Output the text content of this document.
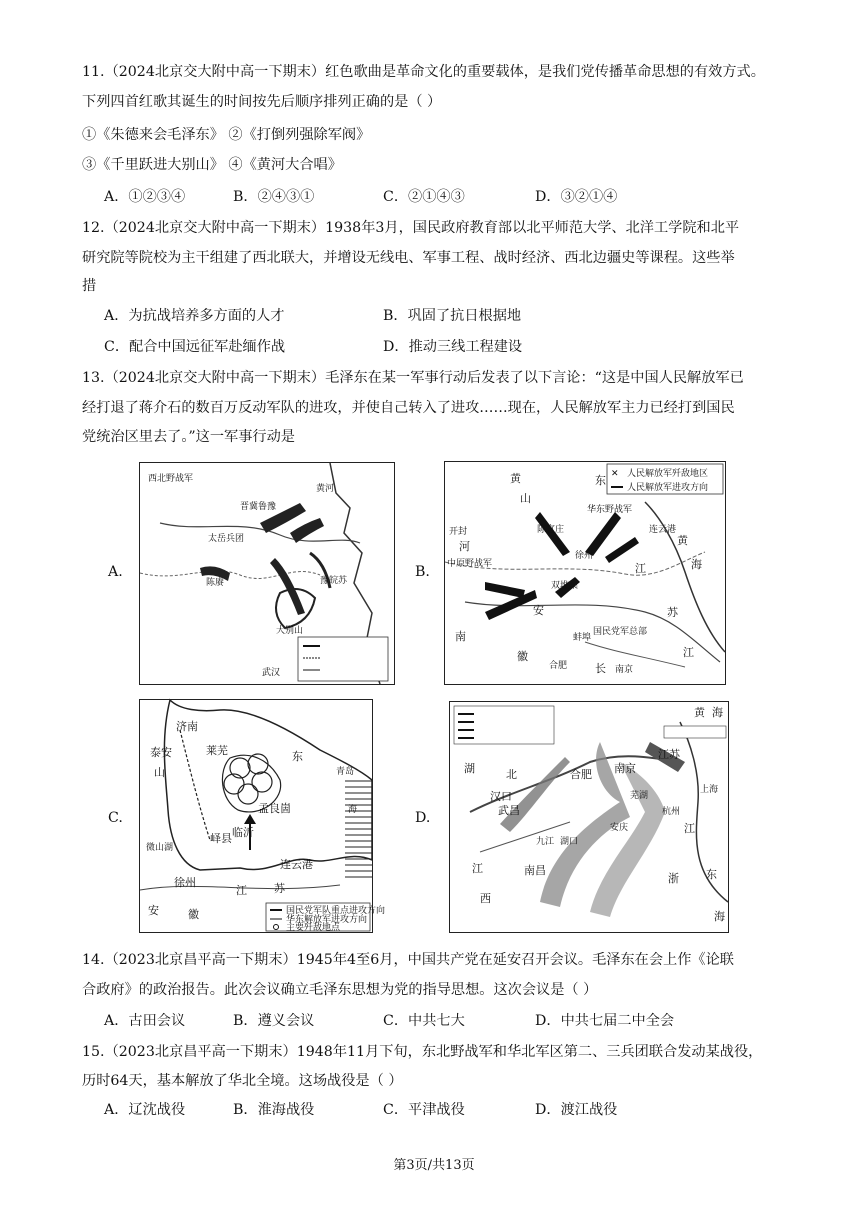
11.（2024北京交大附中高一下期末）红色歌曲是革命文化的重要载体，是我们党传播革命思想的有效方式。
下列四首红歌其诞生的时间按先后顺序排列正确的是（ ）
①《朱德来会毛泽东》 ②《打倒列强除军阀》
③《千里跃进大别山》 ④《黄河大合唱》
A．①②③④	B．②④③①	C．②①④③	D．③②①④
12.（2024北京交大附中高一下期末）1938年3月，国民政府教育部以北平师范大学、北洋工学院和北平
研究院等院校为主干组建了西北联大，并增设无线电、军事工程、战时经济、西北边疆史等课程。这些举
措
A．为抗战培养多方面的人才	B．巩固了抗日根据地
C．配合中国远征军赴缅作战	D．推动三线工程建设
13.（2024北京交大附中高一下期末）毛泽东在某一军事行动后发表了以下言论：“这是中国人民解放军已
经打退了蒋介石的数百万反动军队的进攻，并使自己转入了进攻……现在，人民解放军主力已经打到国民
党统治区里去了。”这一军事行动是
A.	B.
C.	D.
西北野战军
晋冀鲁豫
太岳兵团
黄河
陈赓	豫皖苏
大别山
武汉
✕ 人民解放军歼敌地区
人民解放军进攻方向
黄
山
东
华东野战军
开封	连云港
黄
海
河
中原野战军
陈官庄
徐州
双堆集
江
苏
安
南
徽
蚌埠
合肥	长 南京
江
国民党军总部
国民党军队重点进攻方向
华东解放军进攻方向
主要歼敌地点
济南
泰安
山
莱芜	东
孟良崮
青岛
海
微山湖
峄县 临沂
连云港
徐州
江 苏
安	徽
黄 海
江苏
南京
合肥
湖	北
汉口
武昌
安庆
芜湖
上海
杭州
九江 湖口
南昌
江
西
浙
江
东
海
14.（2023北京昌平高一下期末）1945年4至6月，中国共产党在延安召开会议。毛泽东在会上作《论联
合政府》的政治报告。此次会议确立毛泽东思想为党的指导思想。这次会议是（ ）
A．古田会议	B．遵义会议	C．中共七大	D．中共七届二中全会
15.（2023北京昌平高一下期末）1948年11月下旬，东北野战军和华北军区第二、三兵团联合发动某战役，
历时64天，基本解放了华北全境。这场战役是（ ）
A．辽沈战役	B．淮海战役	C．平津战役	D．渡江战役
第3页/共13页
